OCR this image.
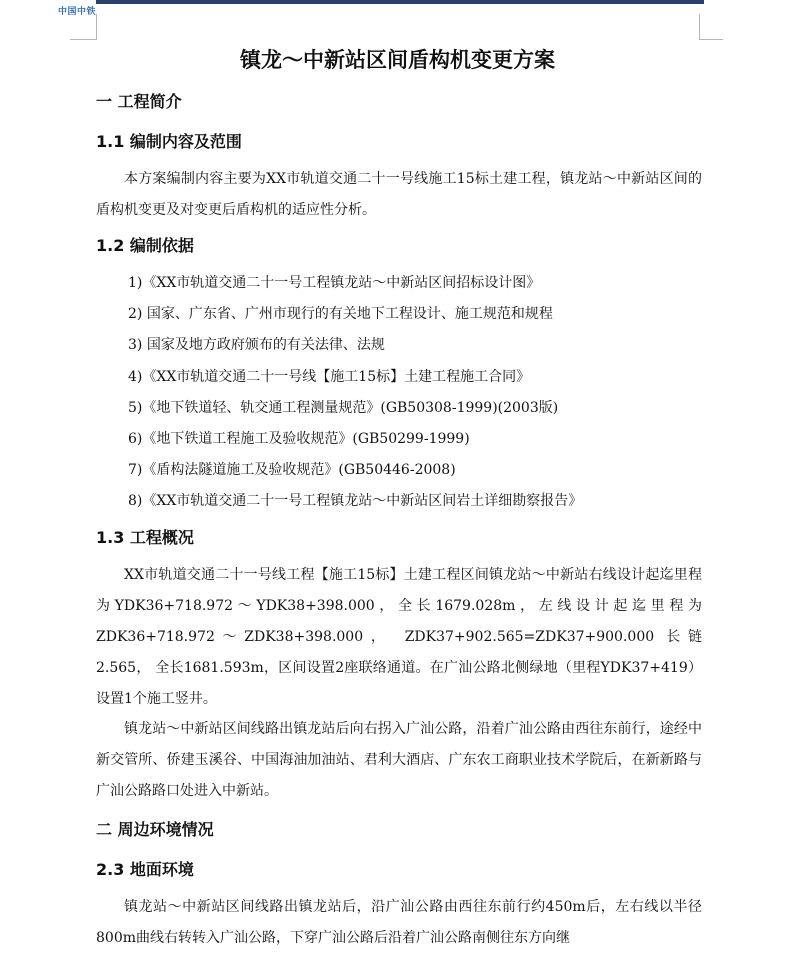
中国中铁
镇龙～中新站区间盾构机变更方案
一 工程简介
1.1 编制内容及范围
本方案编制内容主要为XX市轨道交通二十一号线施工15标土建工程，镇龙站～中新站区间的盾构机变更及对变更后盾构机的适应性分析。
1.2 编制依据
1)《XX市轨道交通二十一号工程镇龙站～中新站区间招标设计图》
2) 国家、广东省、广州市现行的有关地下工程设计、施工规范和规程
3) 国家及地方政府颁布的有关法律、法规
4)《XX市轨道交通二十一号线【施工15标】土建工程施工合同》
5)《地下铁道轻、轨交通工程测量规范》(GB50308-1999)(2003版)
6)《地下铁道工程施工及验收规范》(GB50299-1999)
7)《盾构法隧道施工及验收规范》(GB50446-2008)
8)《XX市轨道交通二十一号工程镇龙站～中新站区间岩土详细勘察报告》
1.3 工程概况
XX市轨道交通二十一号线工程【施工15标】土建工程区间镇龙站～中新站右线设计起迄里程为YDK36+718.972～YDK38+398.000，全长1679.028m，左线设计起迄里程为ZDK36+718.972～ZDK38+398.000， ZDK37+902.565=ZDK37+900.000 长链2.565， 全长1681.593m，区间设置2座联络通道。在广汕公路北侧绿地（里程YDK37+419）设置1个施工竖井。
镇龙站～中新站区间线路出镇龙站后向右拐入广汕公路，沿着广汕公路由西往东前行，途经中新交管所、侨建玉溪谷、中国海油加油站、君利大酒店、广东农工商职业技术学院后，在新新路与广汕公路路口处进入中新站。
二 周边环境情况
2.3 地面环境
镇龙站～中新站区间线路出镇龙站后，沿广汕公路由西往东前行约450m后，左右线以半径800m曲线右转转入广汕公路，下穿广汕公路后沿着广汕公路南侧往东方向继
